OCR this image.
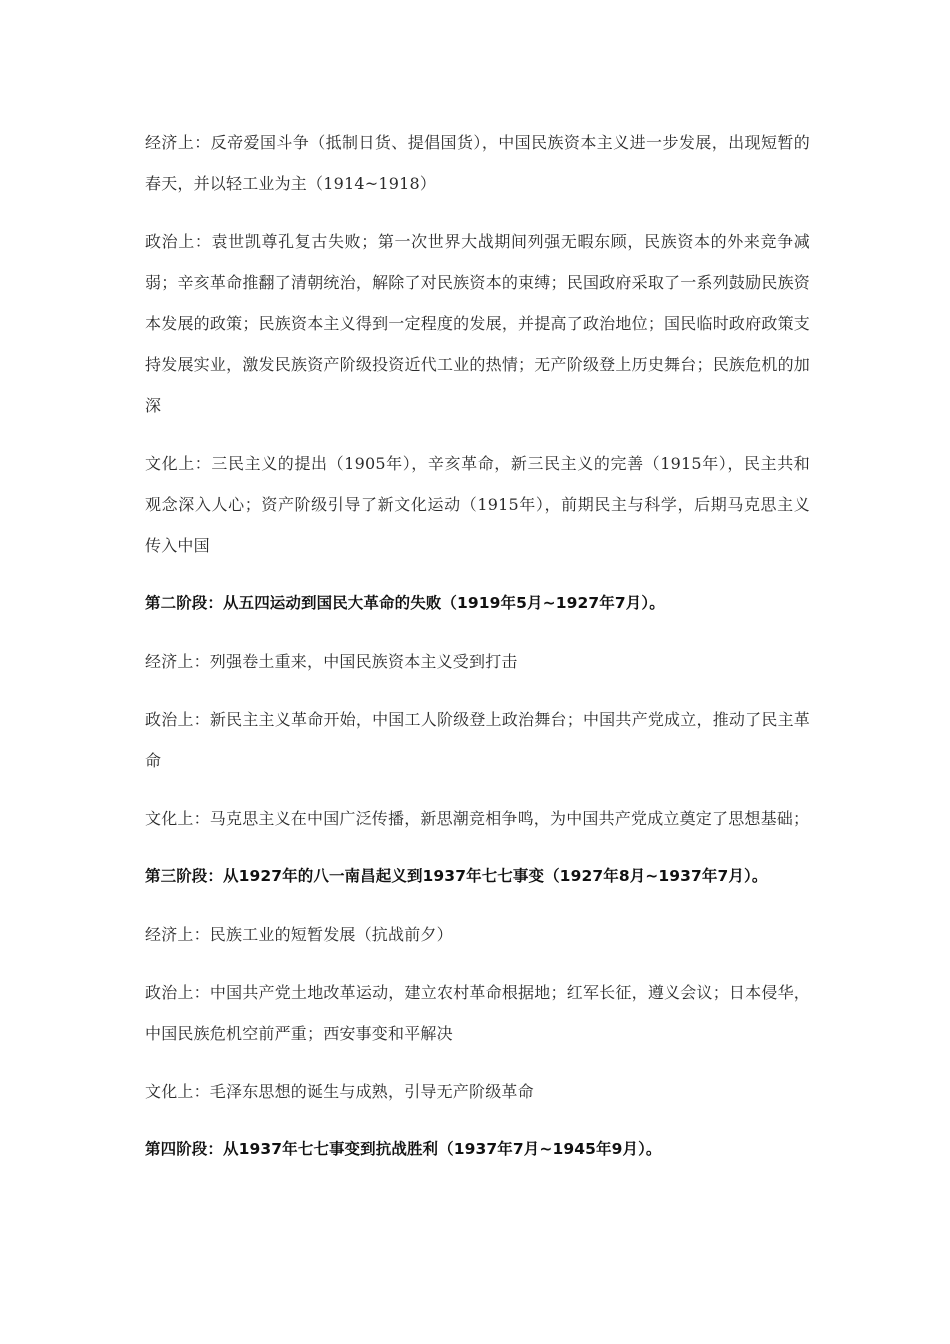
经济上：反帝爱国斗争（抵制日货、提倡国货），中国民族资本主义进一步发展，出现短暂的春天，并以轻工业为主（1914~1918）

政治上：袁世凯尊孔复古失败；第一次世界大战期间列强无暇东顾，民族资本的外来竞争减弱；辛亥革命推翻了清朝统治，解除了对民族资本的束缚；民国政府采取了一系列鼓励民族资本发展的政策；民族资本主义得到一定程度的发展，并提高了政治地位；国民临时政府政策支持发展实业，激发民族资产阶级投资近代工业的热情；无产阶级登上历史舞台；民族危机的加深

文化上：三民主义的提出（1905年），辛亥革命，新三民主义的完善（1915年），民主共和观念深入人心；资产阶级引导了新文化运动（1915年），前期民主与科学，后期马克思主义传入中国

第二阶段：从五四运动到国民大革命的失败（1919年5月~1927年7月）。

经济上：列强卷土重来，中国民族资本主义受到打击

政治上：新民主主义革命开始，中国工人阶级登上政治舞台；中国共产党成立，推动了民主革命

文化上：马克思主义在中国广泛传播，新思潮竞相争鸣，为中国共产党成立奠定了思想基础；

第三阶段：从1927年的八一南昌起义到1937年七七事变（1927年8月~1937年7月）。

经济上：民族工业的短暂发展（抗战前夕）

政治上：中国共产党土地改革运动，建立农村革命根据地；红军长征，遵义会议；日本侵华，中国民族危机空前严重；西安事变和平解决

文化上：毛泽东思想的诞生与成熟，引导无产阶级革命

第四阶段：从1937年七七事变到抗战胜利（1937年7月~1945年9月）。
